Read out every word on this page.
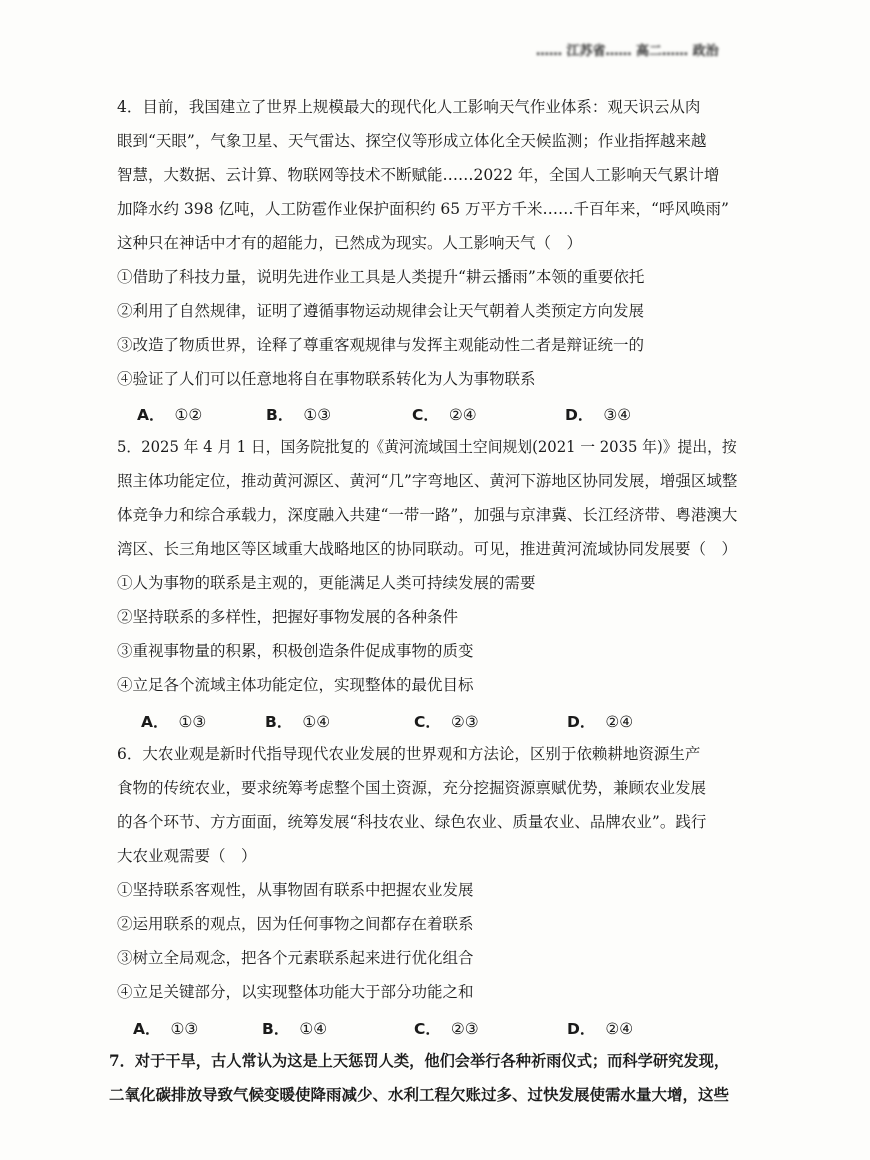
…… 江苏省…… 高二…… 政治
4．目前，我国建立了世界上规模最大的现代化人工影响天气作业体系：观天识云从肉
眼到“天眼”，气象卫星、天气雷达、探空仪等形成立体化全天候监测；作业指挥越来越
智慧，大数据、云计算、物联网等技术不断赋能……2022 年，全国人工影响天气累计增
加降水约 398 亿吨，人工防雹作业保护面积约 65 万平方千米……千百年来，“呼风唤雨”
这种只在神话中才有的超能力，已然成为现实。人工影响天气（　）
①借助了科技力量，说明先进作业工具是人类提升“耕云播雨”本领的重要依托
②利用了自然规律，证明了遵循事物运动规律会让天气朝着人类预定方向发展
③改造了物质世界，诠释了尊重客观规律与发挥主观能动性二者是辩证统一的
④验证了人们可以任意地将自在事物联系转化为人为事物联系
A． ①②	B． ①③	C． ②④	D． ③④
5．2025 年 4 月 1 日，国务院批复的《黄河流域国土空间规划(2021 一 2035 年)》提出，按
照主体功能定位，推动黄河源区、黄河“几”字弯地区、黄河下游地区协同发展，增强区域整
体竞争力和综合承载力，深度融入共建“一带一路”，加强与京津冀、长江经济带、粤港澳大
湾区、长三角地区等区域重大战略地区的协同联动。可见，推进黄河流域协同发展要（　）
①人为事物的联系是主观的，更能满足人类可持续发展的需要
②坚持联系的多样性，把握好事物发展的各种条件
③重视事物量的积累，积极创造条件促成事物的质变
④立足各个流域主体功能定位，实现整体的最优目标
A． ①③	B． ①④	C． ②③	D． ②④
6．大农业观是新时代指导现代农业发展的世界观和方法论，区别于依赖耕地资源生产
食物的传统农业，要求统筹考虑整个国土资源，充分挖掘资源禀赋优势，兼顾农业发展
的各个环节、方方面面，统筹发展“科技农业、绿色农业、质量农业、品牌农业”。践行
大农业观需要（　）
①坚持联系客观性，从事物固有联系中把握农业发展
②运用联系的观点，因为任何事物之间都存在着联系
③树立全局观念，把各个元素联系起来进行优化组合
④立足关键部分，以实现整体功能大于部分功能之和
A． ①③	B． ①④	C． ②③	D． ②④
7．对于干旱，古人常认为这是上天惩罚人类，他们会举行各种祈雨仪式；而科学研究发现，
二氧化碳排放导致气候变暖使降雨减少、水利工程欠账过多、过快发展使需水量大增，这些
